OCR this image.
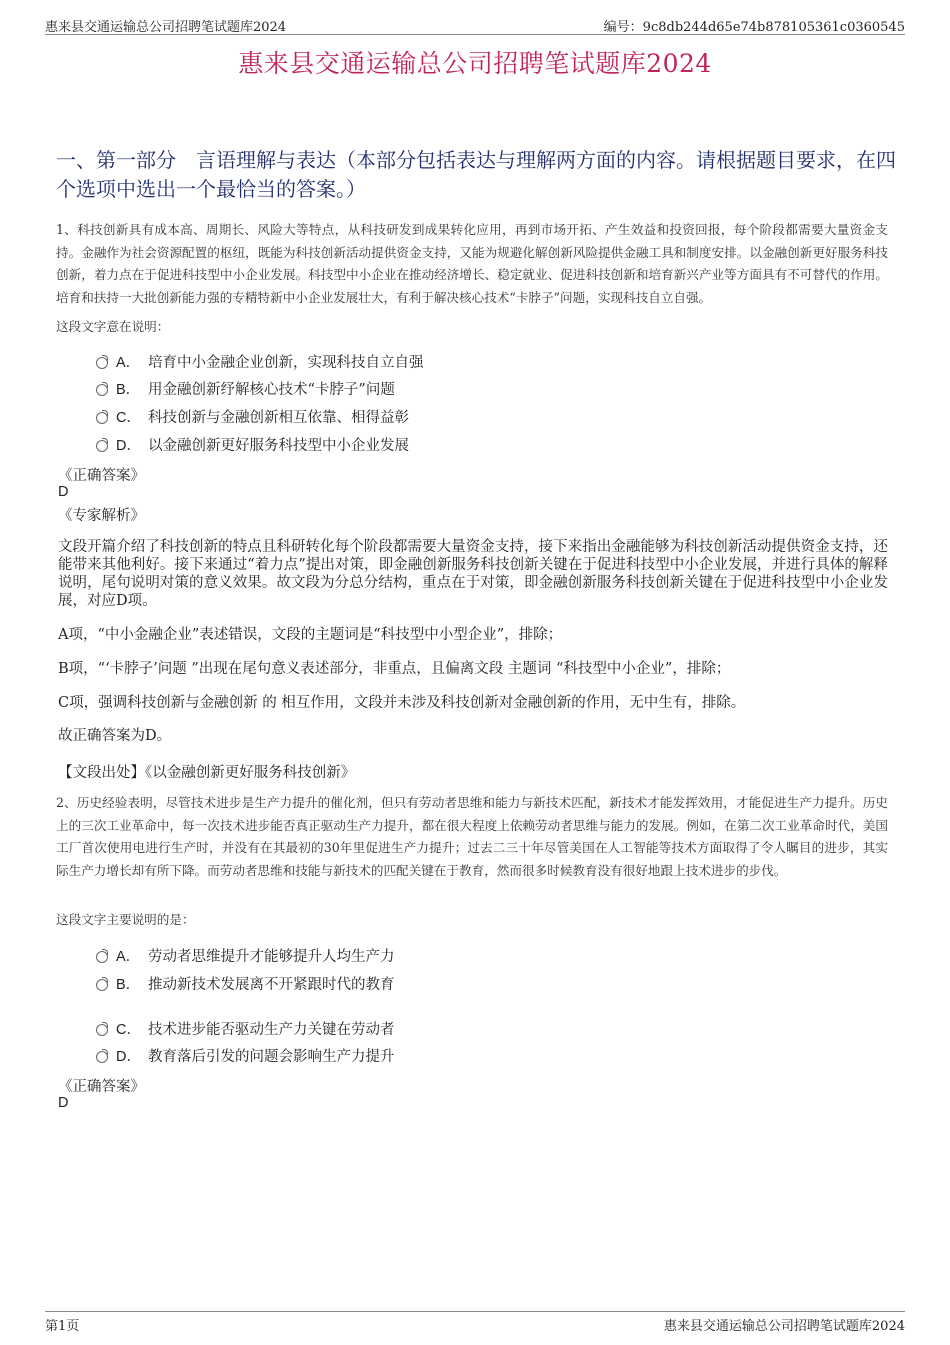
惠来县交通运输总公司招聘笔试题库2024	编号：9c8db244d65e74b878105361c0360545
惠来县交通运输总公司招聘笔试题库2024
一、第一部分　言语理解与表达（本部分包括表达与理解两方面的内容。请根据题目要求，在四个选项中选出一个最恰当的答案。）
1、科技创新具有成本高、周期长、风险大等特点，从科技研发到成果转化应用，再到市场开拓、产生效益和投资回报，每个阶段都需要大量资金支持。金融作为社会资源配置的枢纽，既能为科技创新活动提供资金支持，又能为规避化解创新风险提供金融工具和制度安排。以金融创新更好服务科技创新，着力点在于促进科技型中小企业发展。科技型中小企业在推动经济增长、稳定就业、促进科技创新和培育新兴产业等方面具有不可替代的作用。培育和扶持一大批创新能力强的专精特新中小企业发展壮大，有利于解决核心技术“卡脖子”问题，实现科技自立自强。
这段文字意在说明：
A． 培育中小金融企业创新，实现科技自立自强
B． 用金融创新纾解核心技术“卡脖子”问题
C． 科技创新与金融创新相互依靠、相得益彰
D． 以金融创新更好服务科技型中小企业发展
《正确答案》
D
《专家解析》
文段开篇介绍了科技创新的特点且科研转化每个阶段都需要大量资金支持，接下来指出金融能够为科技创新活动提供资金支持，还能带来其他利好。接下来通过“着力点”提出对策，即金融创新服务科技创新关键在于促进科技型中小企业发展，并进行具体的解释说明，尾句说明对策的意义效果。故文段为分总分结构，重点在于对策，即金融创新服务科技创新关键在于促进科技型中小企业发展，对应D项。
A项，“中小金融企业”表述错误，文段的主题词是“科技型中小型企业”，排除；
B项，“‘卡脖子’问题 ”出现在尾句意义表述部分，非重点，且偏离文段 主题词 “科技型中小企业”，排除；
C项，强调科技创新与金融创新 的 相互作用，文段并未涉及科技创新对金融创新的作用，无中生有，排除。
故正确答案为D。
【文段出处】《以金融创新更好服务科技创新》
2、历史经验表明，尽管技术进步是生产力提升的催化剂，但只有劳动者思维和能力与新技术匹配，新技术才能发挥效用，才能促进生产力提升。历史上的三次工业革命中，每一次技术进步能否真正驱动生产力提升，都在很大程度上依赖劳动者思维与能力的发展。例如，在第二次工业革命时代，美国工厂首次使用电进行生产时，并没有在其最初的30年里促进生产力提升；过去二三十年尽管美国在人工智能等技术方面取得了令人瞩目的进步，其实际生产力增长却有所下降。而劳动者思维和技能与新技术的匹配关键在于教育，然而很多时候教育没有很好地跟上技术进步的步伐。
这段文字主要说明的是：
A． 劳动者思维提升才能够提升人均生产力
B． 推动新技术发展离不开紧跟时代的教育
C． 技术进步能否驱动生产力关键在劳动者
D． 教育落后引发的问题会影响生产力提升
《正确答案》
D
第1页	惠来县交通运输总公司招聘笔试题库2024
